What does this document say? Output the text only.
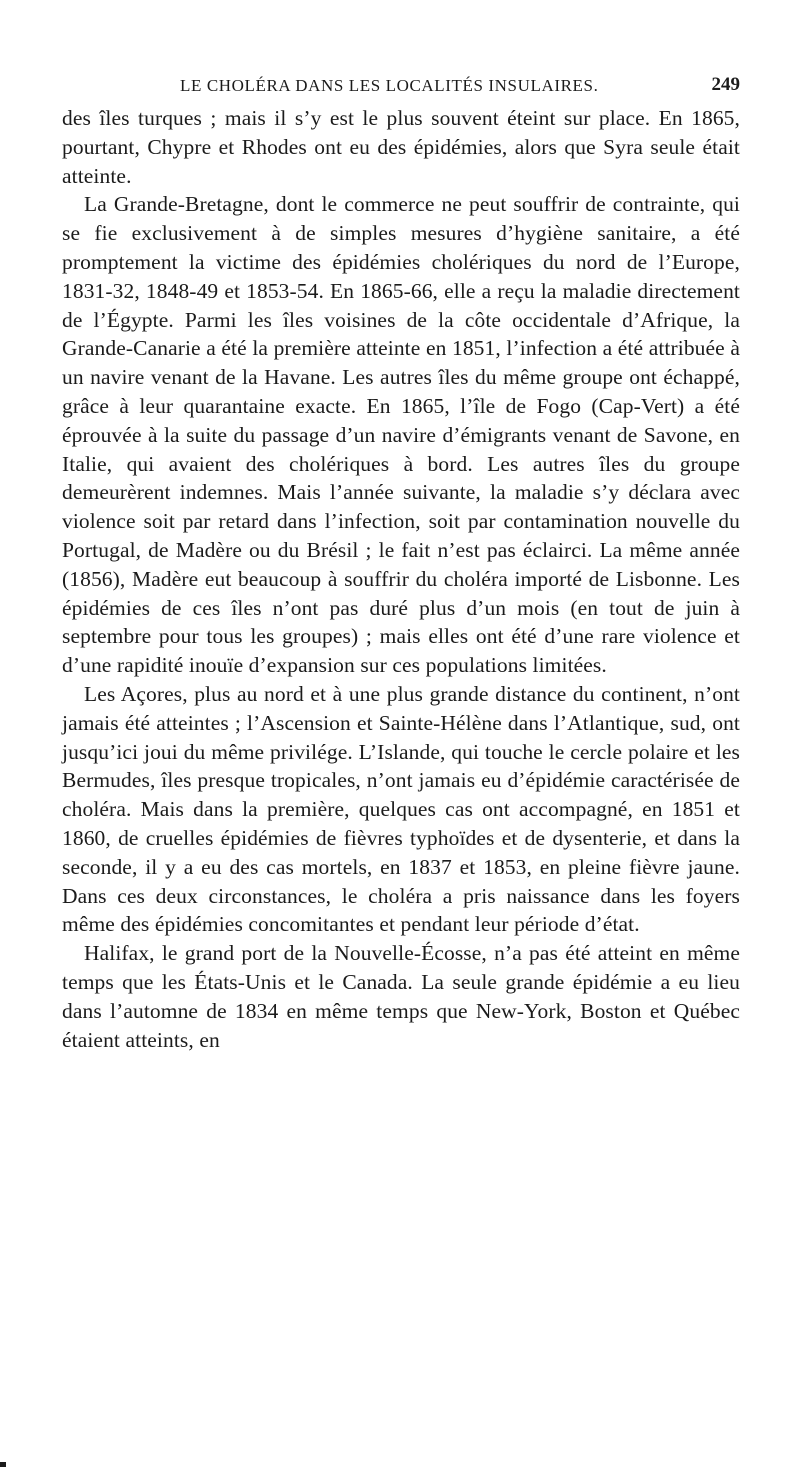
LE CHOLÉRA DANS LES LOCALITÉS INSULAIRES.	249

des îles turques ; mais il s’y est le plus souvent éteint sur place. En 1865, pourtant, Chypre et Rhodes ont eu des épidémies, alors que Syra seule était atteinte.

La Grande-Bretagne, dont le commerce ne peut souffrir de contrainte, qui se fie exclusivement à de simples mesures d’hygiène sanitaire, a été promptement la victime des épidémies cholériques du nord de l’Europe, 1831-32, 1848-49 et 1853-54. En 1865-66, elle a reçu la maladie directement de l’Égypte. Parmi les îles voisines de la côte occidentale d’Afrique, la Grande-Canarie a été la première atteinte en 1851, l’infection a été attribuée à un navire venant de la Havane. Les autres îles du même groupe ont échappé, grâce à leur quarantaine exacte. En 1865, l’île de Fogo (Cap-Vert) a été éprouvée à la suite du passage d’un navire d’émigrants venant de Savone, en Italie, qui avaient des cholériques à bord. Les autres îles du groupe demeurèrent indemnes. Mais l’année suivante, la maladie s’y déclara avec violence soit par retard dans l’infection, soit par contamination nouvelle du Portugal, de Madère ou du Brésil ; le fait n’est pas éclairci. La même année (1856), Madère eut beaucoup à souffrir du choléra importé de Lisbonne. Les épidémies de ces îles n’ont pas duré plus d’un mois (en tout de juin à septembre pour tous les groupes) ; mais elles ont été d’une rare violence et d’une rapidité inouïe d’expansion sur ces populations limitées.

Les Açores, plus au nord et à une plus grande distance du continent, n’ont jamais été atteintes ; l’Ascension et Sainte-Hélène dans l’Atlantique, sud, ont jusqu’ici joui du même privilége. L’Islande, qui touche le cercle polaire et les Bermudes, îles presque tropicales, n’ont jamais eu d’épidémie caractérisée de choléra. Mais dans la première, quelques cas ont accompagné, en 1851 et 1860, de cruelles épidémies de fièvres typhoïdes et de dysenterie, et dans la seconde, il y a eu des cas mortels, en 1837 et 1853, en pleine fièvre jaune. Dans ces deux circonstances, le choléra a pris naissance dans les foyers même des épidémies concomitantes et pendant leur période d’état.

Halifax, le grand port de la Nouvelle-Écosse, n’a pas été atteint en même temps que les États-Unis et le Canada. La seule grande épidémie a eu lieu dans l’automne de 1834 en même temps que New-York, Boston et Québec étaient atteints, en
